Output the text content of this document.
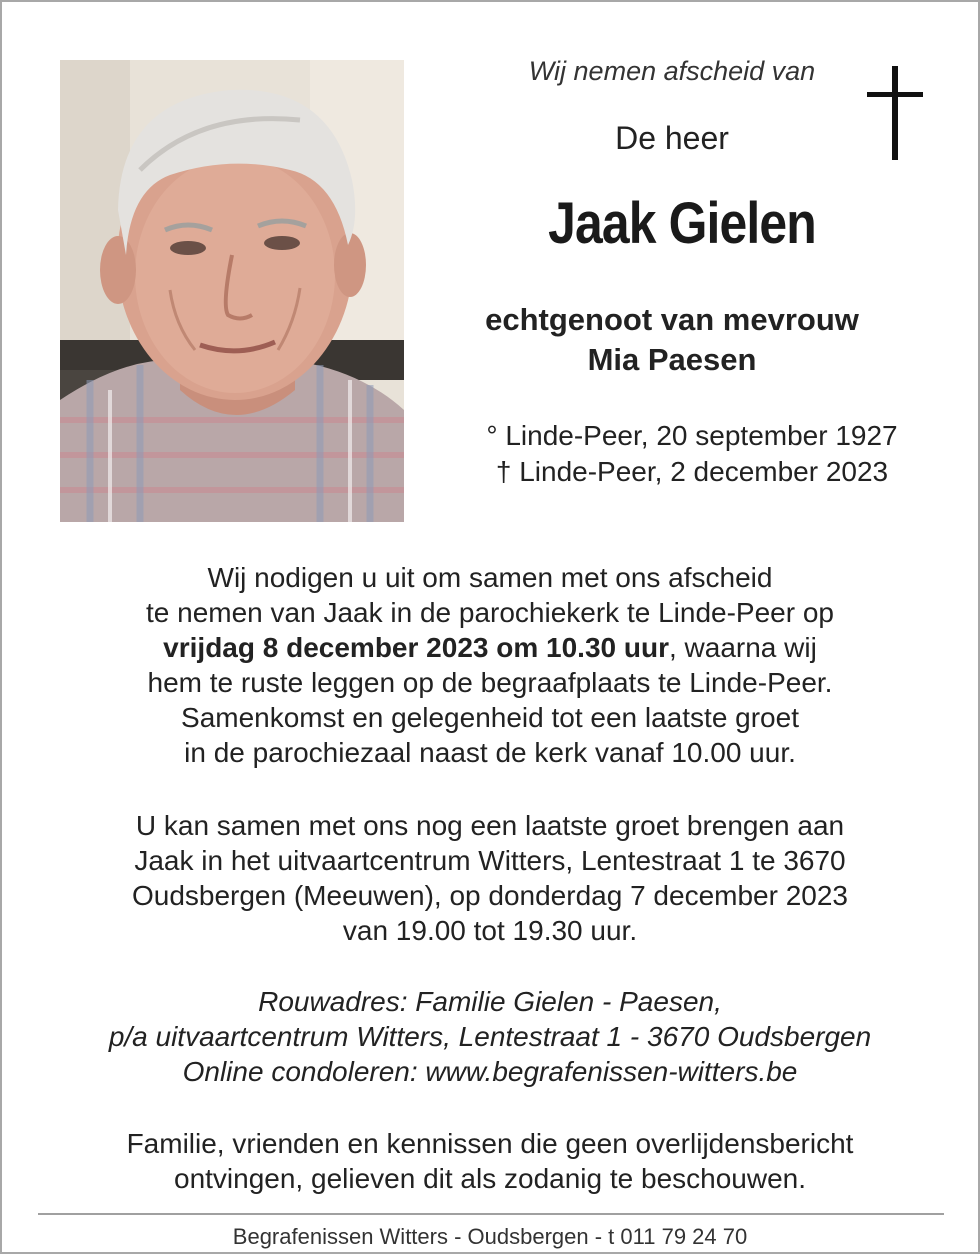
Wij nemen afscheid van
De heer
Jaak Gielen
echtgenoot van mevrouw
Mia Paesen
° Linde-Peer, 20 september 1927
† Linde-Peer, 2 december 2023
Wij nodigen u uit om samen met ons afscheid
te nemen van Jaak in de parochiekerk te Linde-Peer op
vrijdag 8 december 2023 om 10.30 uur, waarna wij
hem te ruste leggen op de begraafplaats te Linde-Peer.
Samenkomst en gelegenheid tot een laatste groet
in de parochiezaal naast de kerk vanaf 10.00 uur.
U kan samen met ons nog een laatste groet brengen aan
Jaak in het uitvaartcentrum Witters, Lentestraat 1 te 3670
Oudsbergen (Meeuwen), op donderdag 7 december 2023
van 19.00 tot 19.30 uur.
Rouwadres: Familie Gielen - Paesen,
p/a uitvaartcentrum Witters, Lentestraat 1 - 3670 Oudsbergen
Online condoleren: www.begrafenissen-witters.be
Familie, vrienden en kennissen die geen overlijdensbericht
ontvingen, gelieven dit als zodanig te beschouwen.
Begrafenissen Witters - Oudsbergen - t 011 79 24 70
